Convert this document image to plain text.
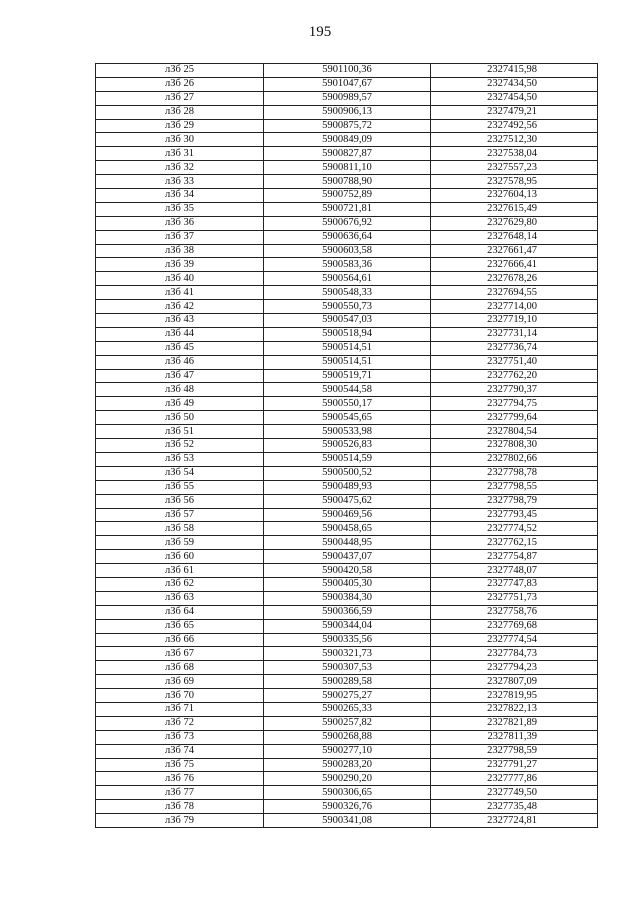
195
лЗб 25	5901100,36	2327415,98
лЗб 26	5901047,67	2327434,50
лЗб 27	5900989,57	2327454,50
лЗб 28	5900906,13	2327479,21
лЗб 29	5900875,72	2327492,56
лЗб 30	5900849,09	2327512,30
лЗб 31	5900827,87	2327538,04
лЗб 32	5900811,10	2327557,23
лЗб 33	5900788,90	2327578,95
лЗб 34	5900752,89	2327604,13
лЗб 35	5900721,81	2327615,49
лЗб 36	5900676,92	2327629,80
лЗб 37	5900636,64	2327648,14
лЗб 38	5900603,58	2327661,47
лЗб 39	5900583,36	2327666,41
лЗб 40	5900564,61	2327678,26
лЗб 41	5900548,33	2327694,55
лЗб 42	5900550,73	2327714,00
лЗб 43	5900547,03	2327719,10
лЗб 44	5900518,94	2327731,14
лЗб 45	5900514,51	2327736,74
лЗб 46	5900514,51	2327751,40
лЗб 47	5900519,71	2327762,20
лЗб 48	5900544,58	2327790,37
лЗб 49	5900550,17	2327794,75
лЗб 50	5900545,65	2327799,64
лЗб 51	5900533,98	2327804,54
лЗб 52	5900526,83	2327808,30
лЗб 53	5900514,59	2327802,66
лЗб 54	5900500,52	2327798,78
лЗб 55	5900489,93	2327798,55
лЗб 56	5900475,62	2327798,79
лЗб 57	5900469,56	2327793,45
лЗб 58	5900458,65	2327774,52
лЗб 59	5900448,95	2327762,15
лЗб 60	5900437,07	2327754,87
лЗб 61	5900420,58	2327748,07
лЗб 62	5900405,30	2327747,83
лЗб 63	5900384,30	2327751,73
лЗб 64	5900366,59	2327758,76
лЗб 65	5900344,04	2327769,68
лЗб 66	5900335,56	2327774,54
лЗб 67	5900321,73	2327784,73
лЗб 68	5900307,53	2327794,23
лЗб 69	5900289,58	2327807,09
лЗб 70	5900275,27	2327819,95
лЗб 71	5900265,33	2327822,13
лЗб 72	5900257,82	2327821,89
лЗб 73	5900268,88	2327811,39
лЗб 74	5900277,10	2327798,59
лЗб 75	5900283,20	2327791,27
лЗб 76	5900290,20	2327777,86
лЗб 77	5900306,65	2327749,50
лЗб 78	5900326,76	2327735,48
лЗб 79	5900341,08	2327724,81
